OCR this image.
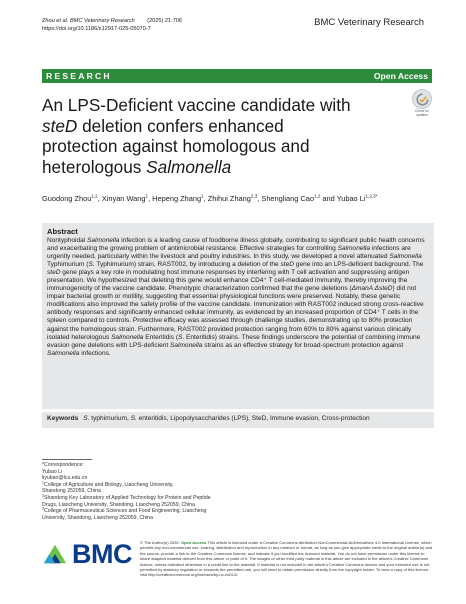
Zhou et al. BMC Veterinary Research        (2025) 21:706
https://doi.org/10.1186/s12917-025-05070-7
BMC Veterinary Research
RESEARCH	Open Access
An LPS-Deficient vaccine candidate with steD deletion confers enhanced protection against homologous and heterologous Salmonella
Check for
updates
Guodong Zhou$^{1,2}$, Xinyan Wang$^1$, Hepeng Zhang$^1$, Zhihui Zhang$^{2,3}$, Shengliang Cao$^{1,2}$ and Yubao $Li^{1,2,3*}$
Abstract
Nontyphoidal Salmonella infection is a leading cause of foodborne illness globally, contributing to significant public health concerns and exacerbating the growing problem of antimicrobial resistance. Effective strategies for controlling Salmonella infections are urgently needed, particularly within the livestock and poultry industries. In this study, we developed a novel attenuated Salmonella Typhimurium (S. Typhimurium) strain, RAST002, by introducing a deletion of the steD gene into an LPS-deficient background. The steD gene plays a key role in modulating host immune responses by interfering with T cell activation and suppressing antigen presentation. We hypothesized that deleting this gene would enhance CD4⁺ T cell-mediated immunity, thereby improving the immunogenicity of the vaccine candidate. Phenotypic characterization confirmed that the gene deletions (ΔmanA ΔsteD) did not impair bacterial growth or motility, suggesting that essential physiological functions were preserved. Notably, these genetic modifications also improved the safety profile of the vaccine candidate. Immunization with RAST002 induced strong cross-reactive antibody responses and significantly enhanced cellular immunity, as evidenced by an increased proportion of CD4⁺ T cells in the spleen compared to controls. Protective efficacy was assessed through challenge studies, demonstrating up to 80% protection against the homologous strain. Furthermore, RAST002 provided protection ranging from 60% to 80% against various clinically isolated heterologous Salmonella Enteritidis (S. Enteritidis) strains. These findings underscore the potential of combining immune evasion gene deletions with LPS-deficient Salmonella strains as an effective strategy for broad-spectrum protection against Salmonella infections.
Keywords S. typhimurium, S. enteritidis, Lipopolysaccharides (LPS), SteD, Immune evasion, Cross-protection
*Correspondence:
Yubao Li
liyubao@lcu.edu.cn
$^1$College of Agriculture and Biology, Liaocheng University,
Shandong 252059, China
$^2$Shandong Key Laboratory of Applied Technology for Protein and Peptide
Drugs, Liaocheng University, Shandong, Liaocheng 252059, China
$^3$College of Pharmaceutical Sciences and Food Engineering, Liaocheng
University, Shandong, Liaocheng 252059, China
BMC © The Author(s) 2025. Open Access This article is licensed under a Creative Commons Attribution-NonCommercial-NoDerivatives 4.0 International License, which permits any non-commercial use, sharing, distribution and reproduction in any medium or format, as long as you give appropriate credit to the original author(s) and the source, provide a link to the Creative Commons licence, and indicate if you modified the licensed material. You do not have permission under this licence to share adapted material derived from this article or parts of it. The images or other third party material in this article are included in the article's Creative Commons licence, unless indicated otherwise in a credit line to the material. If material is not included in the article's Creative Commons licence and your intended use is not permitted by statutory regulation or exceeds the permitted use, you will need to obtain permission directly from the copyright holder. To view a copy of this licence, visit http://creativecommons.org/licenses/by-nc-nd/4.0/.
